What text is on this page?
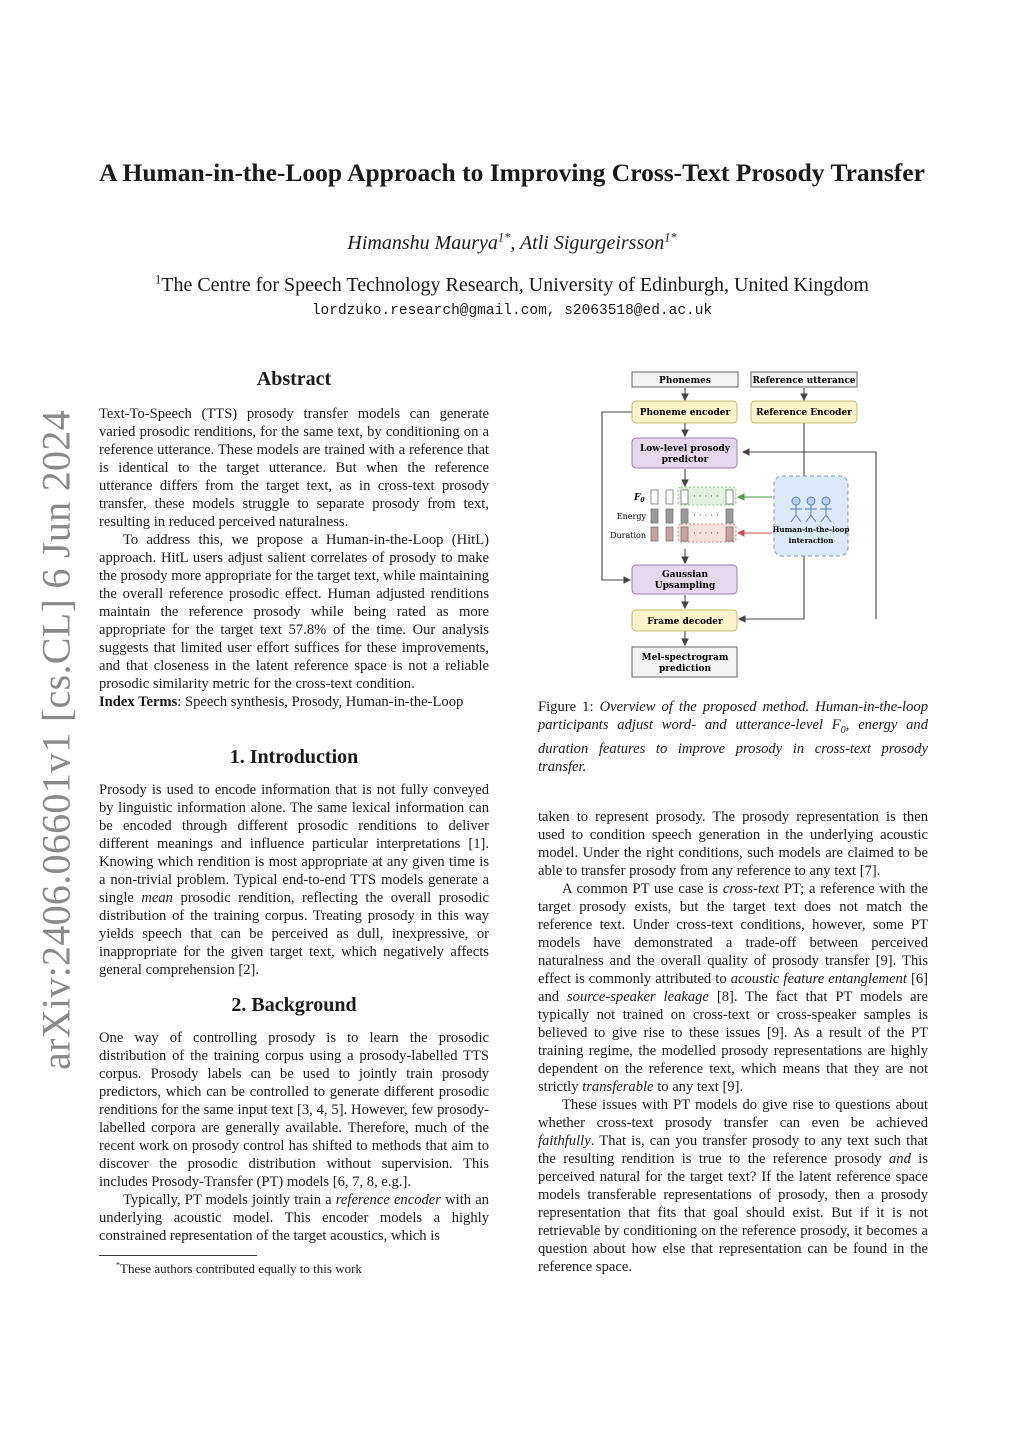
arXiv:2406.06601v1 [cs.CL] 6 Jun 2024
A Human-in-the-Loop Approach to Improving Cross-Text Prosody Transfer
Himanshu Maurya$^{1*}$, Atli Sigurgeirsson$^{1*}$
$^1$The Centre for Speech Technology Research, University of Edinburgh, United Kingdom
lordzuko.research@gmail.com, s2063518@ed.ac.uk

Abstract

Text-To-Speech (TTS) prosody transfer models can generate varied prosodic renditions, for the same text, by conditioning on a reference utterance. These models are trained with a reference that is identical to the target utterance. But when the reference utterance differs from the target text, as in cross-text prosody transfer, these models struggle to separate prosody from text, resulting in reduced perceived naturalness.

To address this, we propose a Human-in-the-Loop (HitL) approach. HitL users adjust salient correlates of prosody to make the prosody more appropriate for the target text, while maintaining the overall reference prosodic effect. Human adjusted renditions maintain the reference prosody while being rated as more appropriate for the target text 57.8% of the time. Our analysis suggests that limited user effort suffices for these improvements, and that closeness in the latent reference space is not a reliable prosodic similarity metric for the cross-text condition.

Index Terms: Speech synthesis, Prosody, Human-in-the-Loop

1. Introduction

Prosody is used to encode information that is not fully conveyed by linguistic information alone. The same lexical information can be encoded through different prosodic renditions to deliver different meanings and influence particular interpretations [1]. Knowing which rendition is most appropriate at any given time is a non-trivial problem. Typical end-to-end TTS models generate a single mean prosodic rendition, reflecting the overall prosodic distribution of the training corpus. Treating prosody in this way yields speech that can be perceived as dull, inexpressive, or inappropriate for the given target text, which negatively affects general comprehension [2].

2. Background

One way of controlling prosody is to learn the prosodic distribution of the training corpus using a prosody-labelled TTS corpus. Prosody labels can be used to jointly train prosody predictors, which can be controlled to generate different prosodic renditions for the same input text [3, 4, 5]. However, few prosody-labelled corpora are generally available. Therefore, much of the recent work on prosody control has shifted to methods that aim to discover the prosodic distribution without supervision. This includes Prosody-Transfer (PT) models [6, 7, 8, e.g.].

Typically, PT models jointly train a reference encoder with an underlying acoustic model. This encoder models a highly constrained representation of the target acoustics, which is

*These authors contributed equally to this work
Phonemes	Reference utterance
Phoneme encoder	Reference Encoder
Low-level prosody
predictor
$F_0$
Energy
Duration
· · · · ·
· · · · ·
· · · · ·	Human-in-the-loop
interaction
Gaussian
Upsampling
Frame decoder
Mel-spectrogram
prediction
Figure 1: Overview of the proposed method. Human-in-the-loop participants adjust word- and utterance-level $F_0$, energy and duration features to improve prosody in cross-text prosody transfer.

taken to represent prosody. The prosody representation is then used to condition speech generation in the underlying acoustic model. Under the right conditions, such models are claimed to be able to transfer prosody from any reference to any text [7].

A common PT use case is cross-text PT; a reference with the target prosody exists, but the target text does not match the reference text. Under cross-text conditions, however, some PT models have demonstrated a trade-off between perceived naturalness and the overall quality of prosody transfer [9]. This effect is commonly attributed to acoustic feature entanglement [6] and source-speaker leakage [8]. The fact that PT models are typically not trained on cross-text or cross-speaker samples is believed to give rise to these issues [9]. As a result of the PT training regime, the modelled prosody representations are highly dependent on the reference text, which means that they are not strictly transferable to any text [9].

These issues with PT models do give rise to questions about whether cross-text prosody transfer can even be achieved faithfully. That is, can you transfer prosody to any text such that the resulting rendition is true to the reference prosody and is perceived natural for the target text? If the latent reference space models transferable representations of prosody, then a prosody representation that fits that goal should exist. But if it is not retrievable by conditioning on the reference prosody, it becomes a question about how else that representation can be found in the reference space.
